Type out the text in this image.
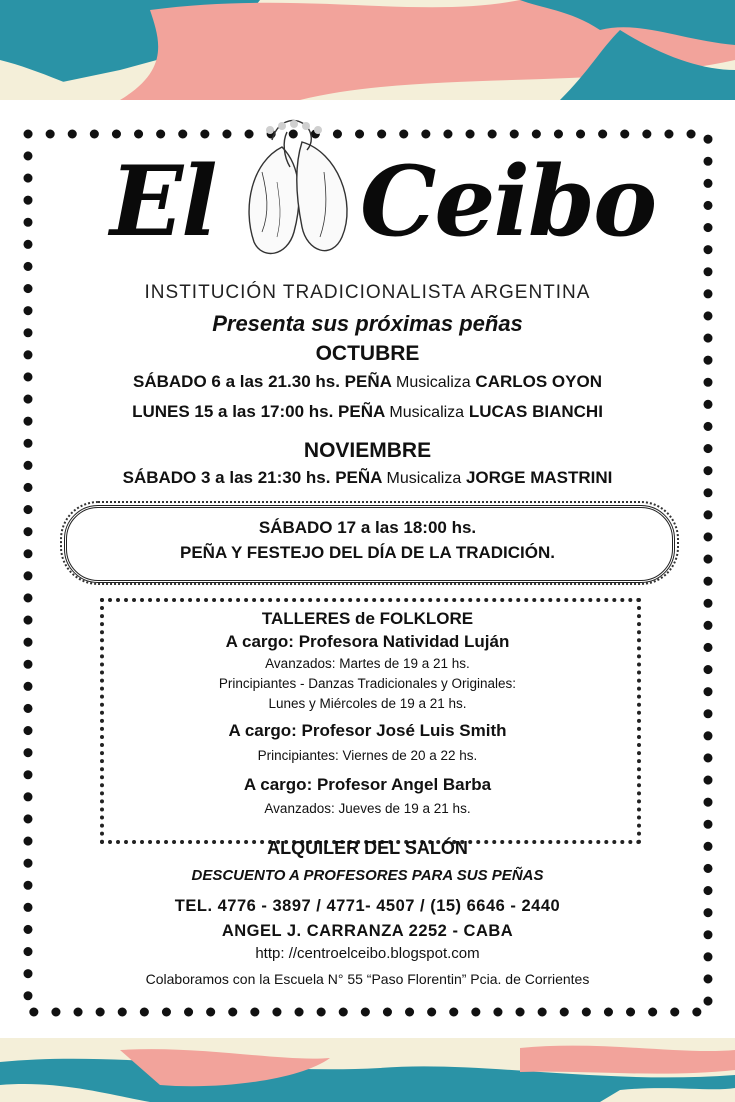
El Ceibo
INSTITUCIÓN TRADICIONALISTA ARGENTINA
Presenta sus próximas peñas
OCTUBRE
SÁBADO 6 a las 21.30 hs. PEÑA Musicaliza CARLOS OYON
LUNES 15 a las 17:00 hs. PEÑA Musicaliza LUCAS BIANCHI
NOVIEMBRE
SÁBADO 3 a las 21:30 hs. PEÑA Musicaliza JORGE MASTRINI
SÁBADO 17 a las 18:00 hs.
PEÑA Y FESTEJO DEL DÍA DE LA TRADICIÓN.
TALLERES de FOLKLORE
A cargo: Profesora Natividad Luján
Avanzados: Martes de 19 a 21 hs.
Principiantes - Danzas Tradicionales y Originales:
Lunes y Miércoles de 19 a 21 hs.
A cargo: Profesor José Luis Smith
Principiantes: Viernes de 20 a 22 hs.
A cargo: Profesor Angel Barba
Avanzados: Jueves de 19 a 21 hs.
ALQUILER DEL SALÓN
DESCUENTO A PROFESORES PARA SUS PEÑAS
TEL. 4776 - 3897 / 4771- 4507 / (15) 6646 - 2440
ANGEL J. CARRANZA 2252 - CABA
http: //centroelceibo.blogspot.com
Colaboramos con la Escuela N° 55 “Paso Florentin” Pcia. de Corrientes
